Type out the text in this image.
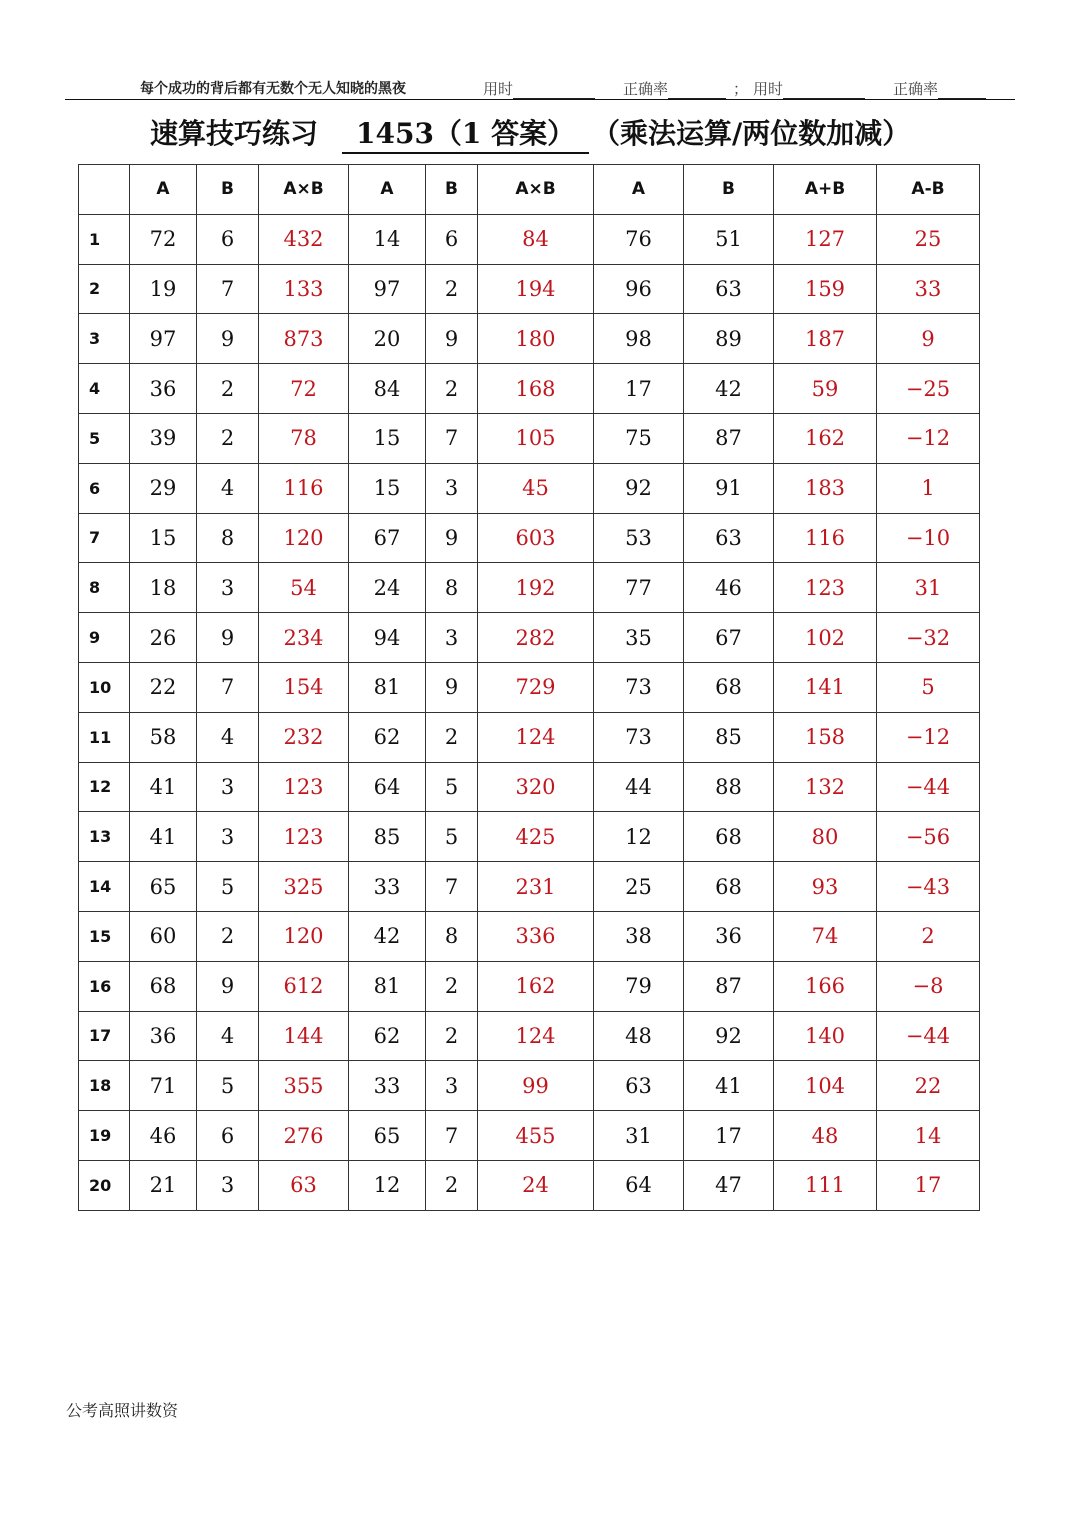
每个成功的背后都有无数个无人知晓的黑夜	用时	正确率	； 用时	正确率
速算技巧练习	1453（1 答案） （乘法运算/两位数加减）
	A	B	A×B	A	B	A×B	A	B	A+B	A-B
1	72	6	432	14	6	84	76	51	127	25
2	19	7	133	97	2	194	96	63	159	33
3	97	9	873	20	9	180	98	89	187	9
4	36	2	72	84	2	168	17	42	59	−25
5	39	2	78	15	7	105	75	87	162	−12
6	29	4	116	15	3	45	92	91	183	1
7	15	8	120	67	9	603	53	63	116	−10
8	18	3	54	24	8	192	77	46	123	31
9	26	9	234	94	3	282	35	67	102	−32
10	22	7	154	81	9	729	73	68	141	5
11	58	4	232	62	2	124	73	85	158	−12
12	41	3	123	64	5	320	44	88	132	−44
13	41	3	123	85	5	425	12	68	80	−56
14	65	5	325	33	7	231	25	68	93	−43
15	60	2	120	42	8	336	38	36	74	2
16	68	9	612	81	2	162	79	87	166	−8
17	36	4	144	62	2	124	48	92	140	−44
18	71	5	355	33	3	99	63	41	104	22
19	46	6	276	65	7	455	31	17	48	14
20	21	3	63	12	2	24	64	47	111	17
公考高照讲数资
